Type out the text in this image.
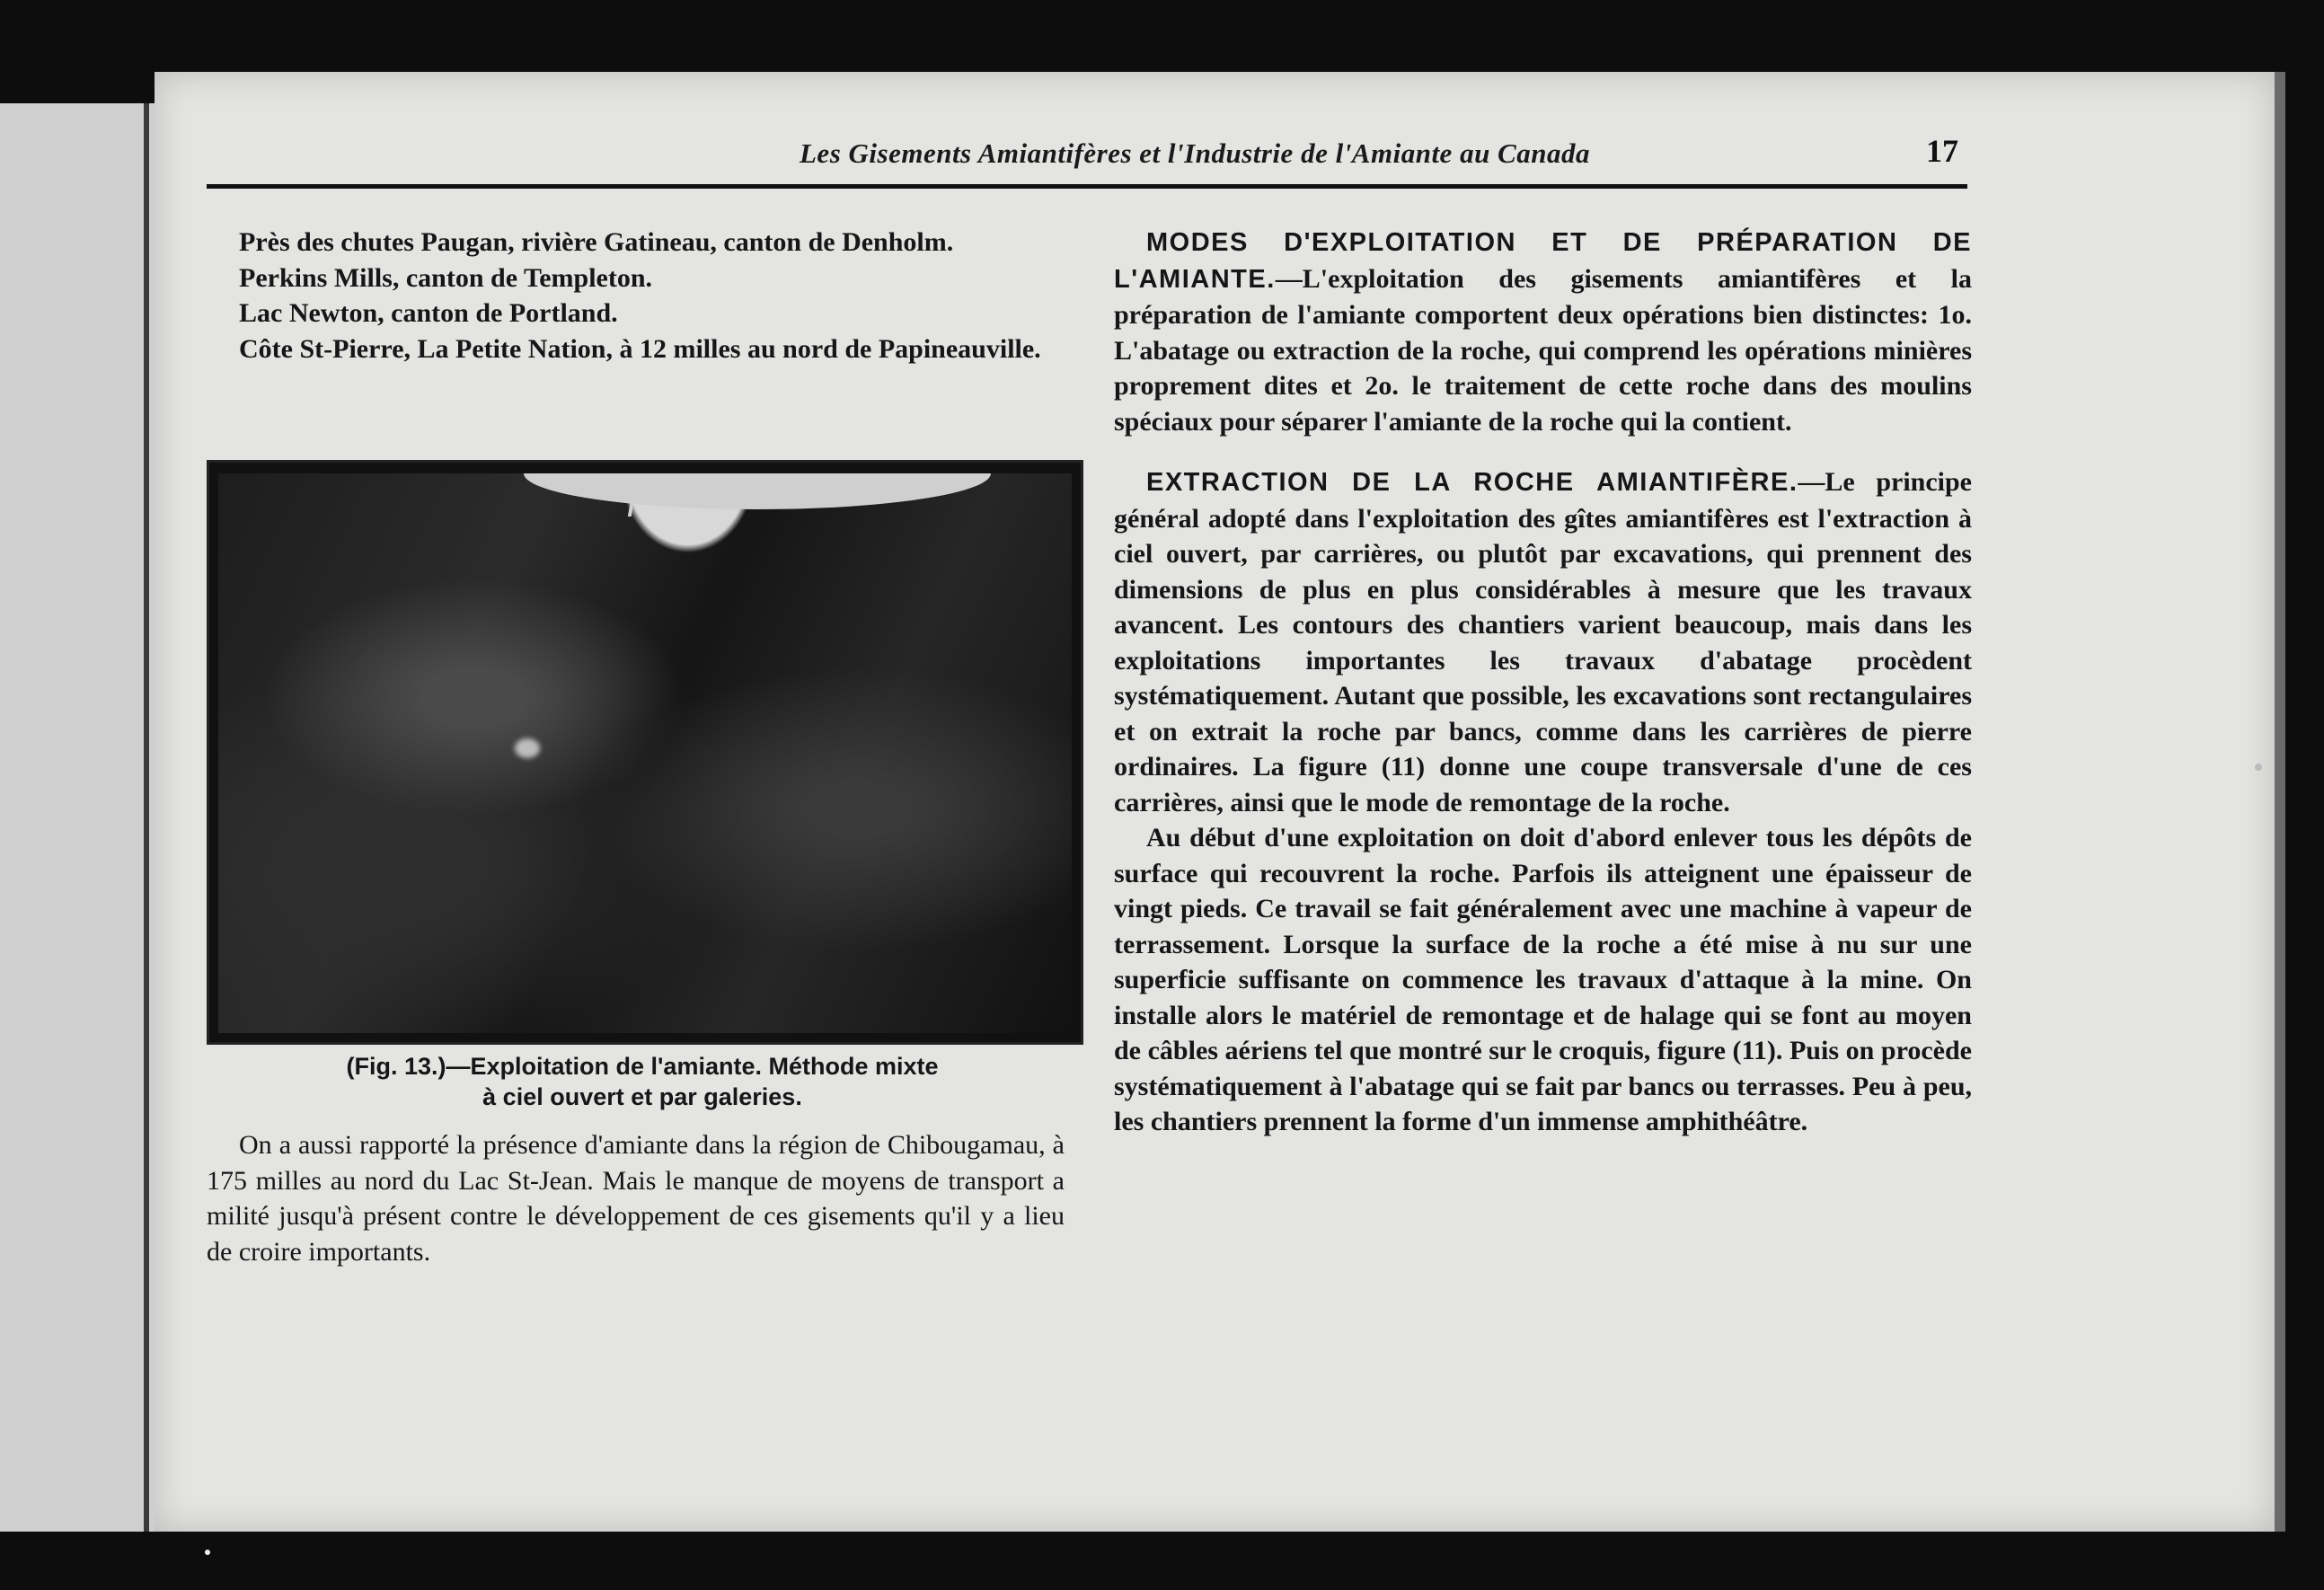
Les Gisements Amiantifères et l'Industrie de l'Amiante au Canada	17

Près des chutes Paugan, rivière Gatineau, canton de Denholm.

Perkins Mills, canton de Templeton.

Lac Newton, canton de Portland.

Côte St-Pierre, La Petite Nation, à 12 milles au nord de Papineauville.

(Fig. 13.)—Exploitation de l'amiante. Méthode mixte
à ciel ouvert et par galeries.

On a aussi rapporté la présence d'amiante dans la région de Chibougamau, à 175 milles au nord du Lac St-Jean. Mais le manque de moyens de transport a milité jusqu'à présent contre le développement de ces gisements qu'il y a lieu de croire importants.

MODES D'EXPLOITATION ET DE PRÉPARATION DE L'AMIANTE.—L'exploitation des gisements amiantifères et la préparation de l'amiante comportent deux opérations bien distinctes: 1o. L'abatage ou extraction de la roche, qui comprend les opérations minières proprement dites et 2o. le traitement de cette roche dans des moulins spéciaux pour séparer l'amiante de la roche qui la contient.

EXTRACTION DE LA ROCHE AMIANTIFÈRE.—Le principe général adopté dans l'exploitation des gîtes amiantifères est l'extraction à ciel ouvert, par carrières, ou plutôt par excavations, qui prennent des dimensions de plus en plus considérables à mesure que les travaux avancent. Les contours des chantiers varient beaucoup, mais dans les exploitations importantes les travaux d'abatage procèdent systématiquement. Autant que possible, les excavations sont rectangulaires et on extrait la roche par bancs, comme dans les carrières de pierre ordinaires. La figure (11) donne une coupe transversale d'une de ces carrières, ainsi que le mode de remontage de la roche.

Au début d'une exploitation on doit d'abord enlever tous les dépôts de surface qui recouvrent la roche. Parfois ils atteignent une épaisseur de vingt pieds. Ce travail se fait généralement avec une machine à vapeur de terrassement. Lorsque la surface de la roche a été mise à nu sur une superficie suffisante on commence les travaux d'attaque à la mine. On installe alors le matériel de remontage et de halage qui se font au moyen de câbles aériens tel que montré sur le croquis, figure (11). Puis on procède systématiquement à l'abatage qui se fait par bancs ou terrasses. Peu à peu, les chantiers prennent la forme d'un immense amphithéâtre.
